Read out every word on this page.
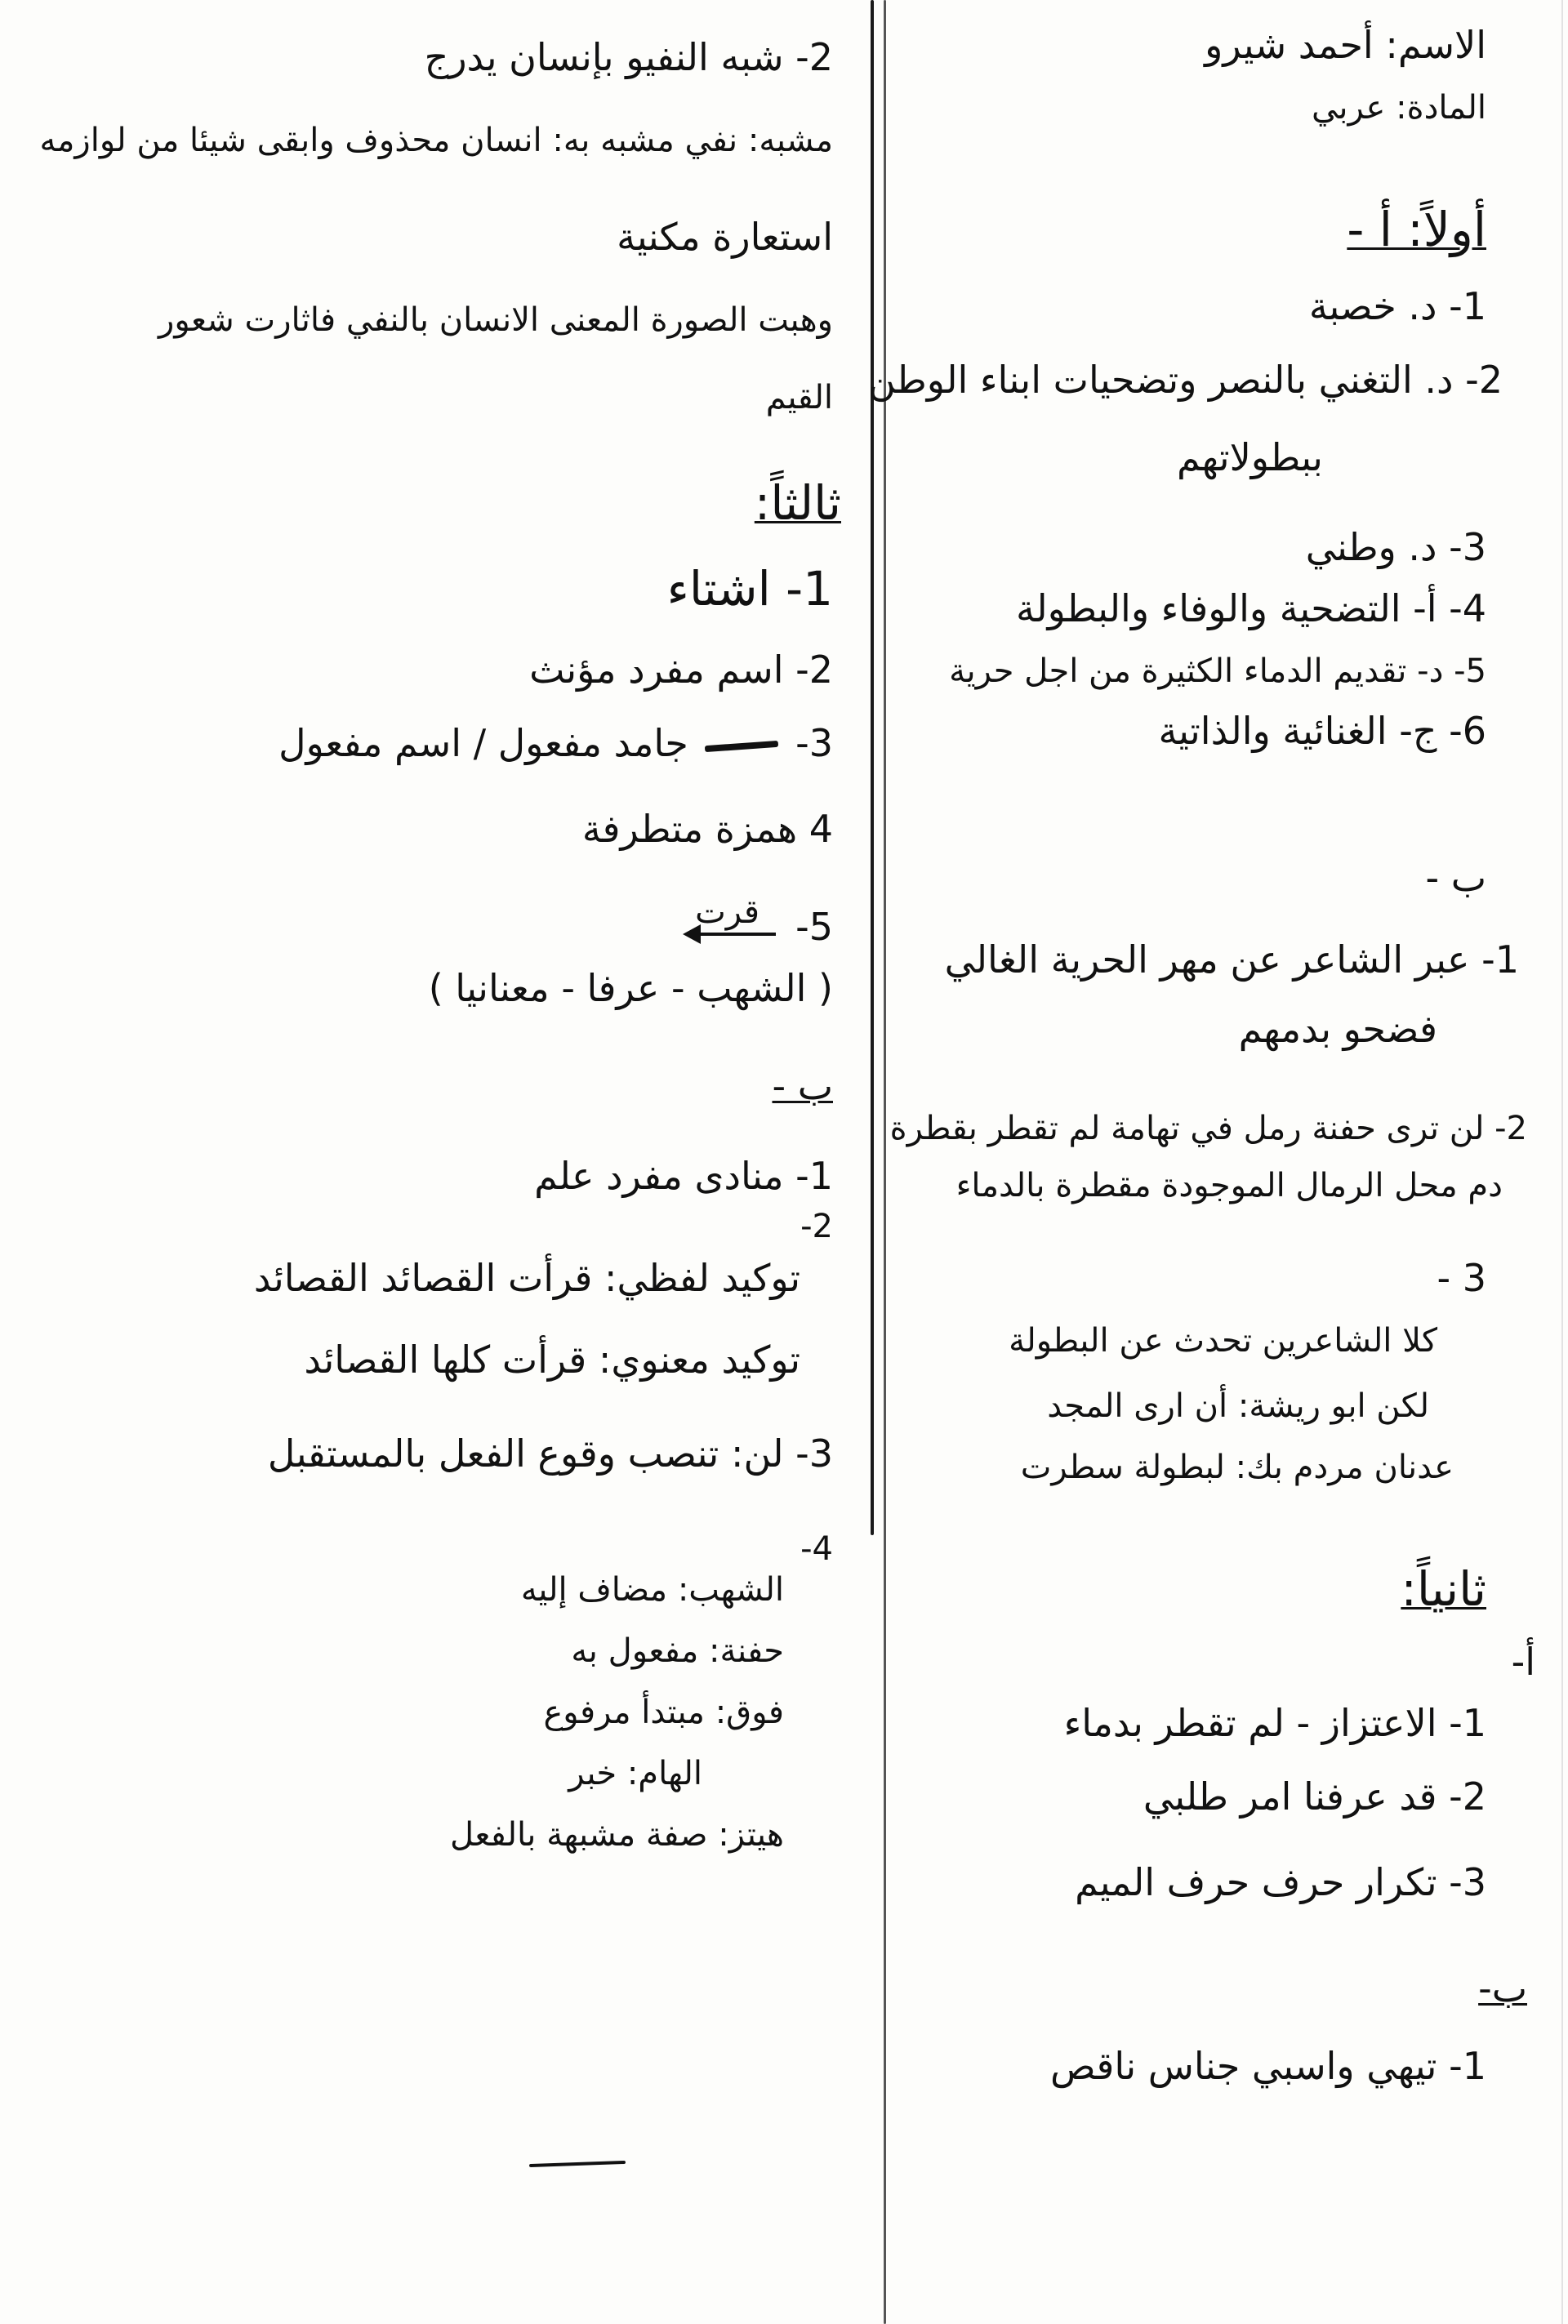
الاسم: أحمد شيرو
المادة: عربي
أولاً: أ -
1- د. خصبة
2- د. التغني بالنصر وتضحيات ابناء الوطن
ببطولاتهم
3- د. وطني
4- أ- التضحية والوفاء والبطولة
5- د- تقديم الدماء الكثيرة من اجل حرية
6- ج- الغنائية والذاتية
ب -
1- عبر الشاعر عن مهر الحرية الغالي
فضحو بدمهم
2- لن ترى حفنة رمل في تهامة لم تقطر بقطرة
دم محل الرمال الموجودة مقطرة بالدماء
3 -
كلا الشاعرين تحدث عن البطولة
لكن ابو ريشة: أن ارى المجد
عدنان مردم بك: لبطولة سطرت
ثانياً:
أ-
1- الاعتزاز - لم تقطر بدماء
2- قد عرفنا امر طلبي
3- تكرار حرف حرف الميم
ب-
1- تيهي واسبي جناس ناقص
2- شبه النفيو بإنسان يدرج
مشبه: نفي مشبه به: انسان محذوف وابقى شيئا من لوازمه
استعارة مكنية
وهبت الصورة المعنى الانسان بالنفي فاثارت شعور
القيم
ثالثاً:
1- اشتاء
2- اسم مفرد مؤنث
3-  جامد مفعول / اسم مفعول
4 همزة متطرفة
5-
قرت
( الشهب - عرفا - معنانيا )
ب -
1- منادى مفرد علم
2-
توكيد لفظي: قرأت القصائد القصائد
توكيد معنوي: قرأت كلها القصائد
3- لن: تنصب وقوع الفعل بالمستقبل
4-
الشهب: مضاف إليه
حفنة: مفعول به
فوق: مبتدأ مرفوع
الهام: خبر
هيتز: صفة مشبهة بالفعل
